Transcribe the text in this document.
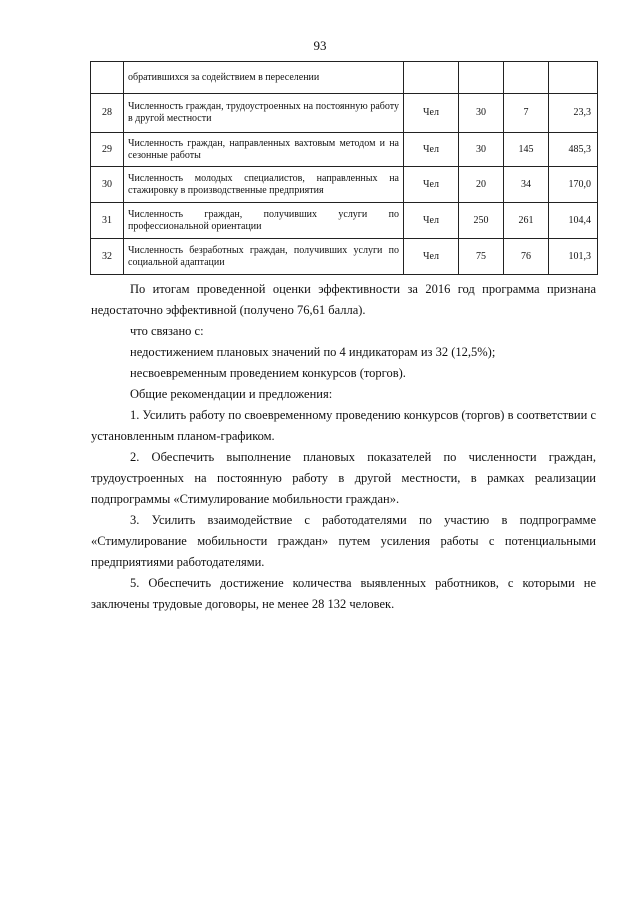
93
	обратившихся за содействием в переселении				
28	Численность граждан, трудоустроенных на постоянную работу в другой местности	Чел	30	7	23,3
29	Численность граждан, направленных вахтовым методом и на сезонные работы	Чел	30	145	485,3
30	Численность молодых специалистов, направленных на стажировку в производственные предприятия	Чел	20	34	170,0
31	Численность граждан, получивших услуги по профессиональной ориентации	Чел	250	261	104,4
32	Численность безработных граждан, получивших услуги по социальной адаптации	Чел	75	76	101,3

По итогам проведенной оценки эффективности за 2016 год программа признана недостаточно эффективной (получено 76,61 балла).

что связано с:

недостижением плановых значений по 4 индикаторам из 32 (12,5%);

несвоевременным проведением конкурсов (торгов).

Общие рекомендации и предложения:

1. Усилить работу по своевременному проведению конкурсов (торгов) в соответствии с установленным планом-графиком.

2. Обеспечить выполнение плановых показателей по численности граждан, трудоустроенных на постоянную работу в другой местности, в рамках реализации подпрограммы «Стимулирование мобильности граждан».

3. Усилить взаимодействие с работодателями по участию в подпрограмме «Стимулирование мобильности граждан» путем усиления работы с потенциальными предприятиями работодателями.

5. Обеспечить достижение количества выявленных работников, с которыми не заключены трудовые договоры, не менее 28 132 человек.
